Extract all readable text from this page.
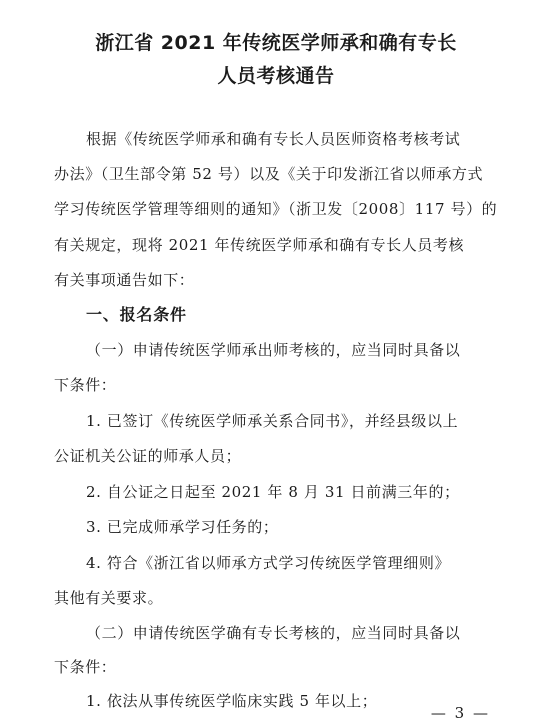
浙江省 2021 年传统医学师承和确有专长
人员考核通告
根据《传统医学师承和确有专长人员医师资格考核考试
办法》（卫生部令第 52 号）以及《关于印发浙江省以师承方式
学习传统医学管理等细则的通知》（浙卫发〔2008〕117 号）的
有关规定，现将 2021 年传统医学师承和确有专长人员考核
有关事项通告如下：
一、报名条件
（一）申请传统医学师承出师考核的，应当同时具备以
下条件：
1. 已签订《传统医学师承关系合同书》，并经县级以上
公证机关公证的师承人员；
2. 自公证之日起至 2021 年 8 月 31 日前满三年的；
3. 已完成师承学习任务的；
4. 符合《浙江省以师承方式学习传统医学管理细则》
其他有关要求。
（二）申请传统医学确有专长考核的，应当同时具备以
下条件：
1. 依法从事传统医学临床实践 5 年以上；
— 3 —
